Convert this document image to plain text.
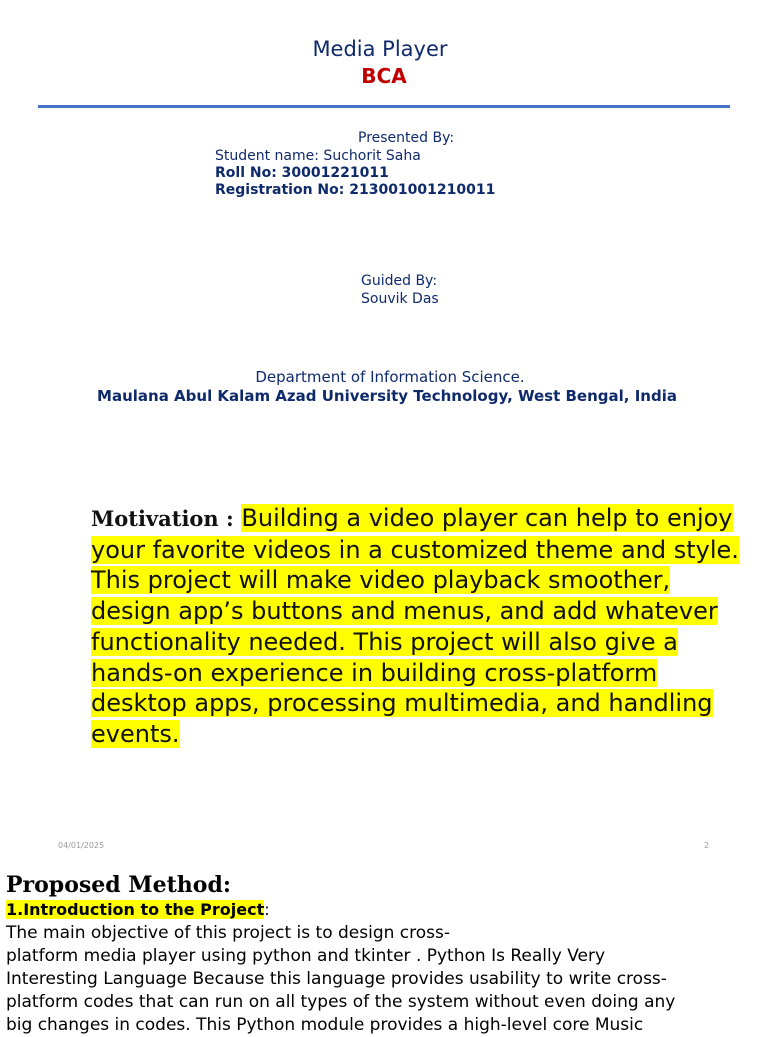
Media Player
BCA
Presented By:
Student name: Suchorit Saha
Roll No: 30001221011
Registration No: 213001001210011
Guided By:
Souvik Das
Department of Information Science.
Maulana Abul Kalam Azad University Technology, West Bengal, India
Motivation : Building a video player can help to enjoy your favorite videos in a customized theme and style. This project will make video playback smoother, design app’s buttons and menus, and add whatever functionality needed. This project will also give a hands-on experience in building cross-platform desktop apps, processing multimedia, and handling events.
04/01/2025	2
Proposed Method:
1.Introduction to the Project:
The main objective of this project is to design cross-
platform media player using python and tkinter . Python Is Really Very
Interesting Language Because this language provides usability to write cross-
platform codes that can run on all types of the system without even doing any
big changes in codes. This Python module provides a high-level core Music
